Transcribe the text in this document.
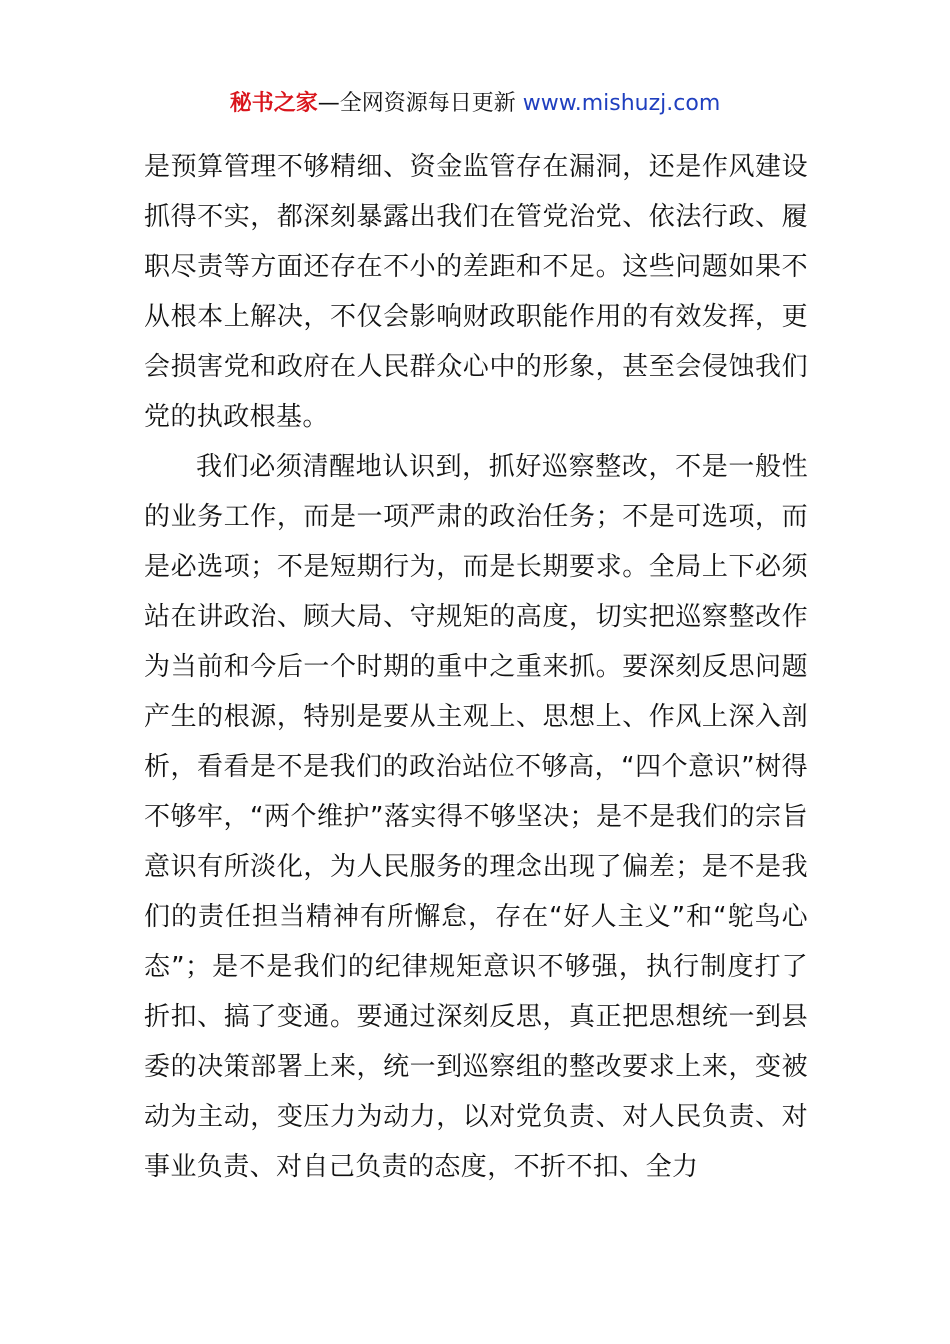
秘书之家—全网资源每日更新 www.mishuzj.com

是预算管理不够精细、资金监管存在漏洞，还是作风建设抓得不实，都深刻暴露出我们在管党治党、依法行政、履职尽责等方面还存在不小的差距和不足。这些问题如果不从根本上解决，不仅会影响财政职能作用的有效发挥，更会损害党和政府在人民群众心中的形象，甚至会侵蚀我们党的执政根基。

我们必须清醒地认识到，抓好巡察整改，不是一般性的业务工作，而是一项严肃的政治任务；不是可选项，而是必选项；不是短期行为，而是长期要求。全局上下必须站在讲政治、顾大局、守规矩的高度，切实把巡察整改作为当前和今后一个时期的重中之重来抓。要深刻反思问题产生的根源，特别是要从主观上、思想上、作风上深入剖析，看看是不是我们的政治站位不够高，“四个意识”树得不够牢，“两个维护”落实得不够坚决；是不是我们的宗旨意识有所淡化，为人民服务的理念出现了偏差；是不是我们的责任担当精神有所懈怠，存在“好人主义”和“鸵鸟心态”；是不是我们的纪律规矩意识不够强，执行制度打了折扣、搞了变通。要通过深刻反思，真正把思想统一到县委的决策部署上来，统一到巡察组的整改要求上来，变被动为主动，变压力为动力，以对党负责、对人民负责、对事业负责、对自己负责的态度，不折不扣、全力
